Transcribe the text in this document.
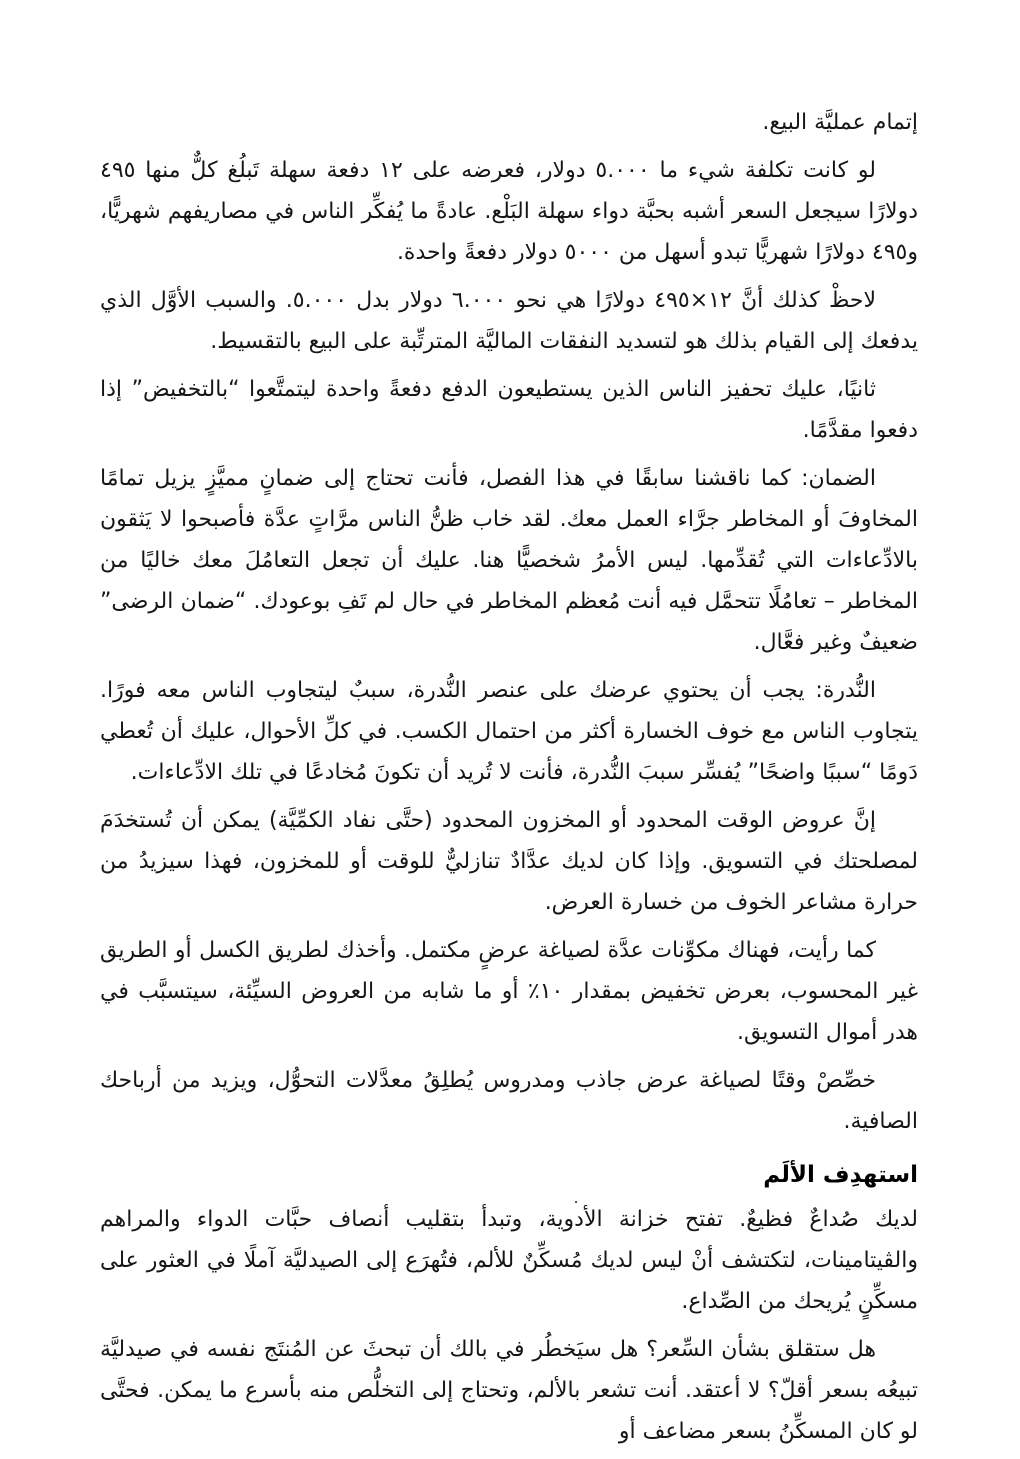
إتمام عمليَّة البيع.

لو كانت تكلفة شيء ما ٥.٠٠٠ دولار، فعرضه على ١٢ دفعة سهلة تَبلُغ كلٌّ منها ٤٩٥ دولارًا سيجعل السعر أشبه بحبَّة دواء سهلة البَلْع. عادةً ما يُفكِّر الناس في مصاريفهم شهريًّا، و٤٩٥ دولارًا شهريًّا تبدو أسهل من ٥٠٠٠ دولار دفعةً واحدة.

لاحظْ كذلك أنَّ ١٢×٤٩٥ دولارًا هي نحو ٦.٠٠٠ دولار بدل ٥.٠٠٠. والسبب الأوَّل الذي يدفعك إلى القيام بذلك هو لتسديد النفقات الماليَّة المترتِّبة على البيع بالتقسيط.

ثانيًا، عليك تحفيز الناس الذين يستطيعون الدفع دفعةً واحدة ليتمتَّعوا “بالتخفيض” إذا دفعوا مقدَّمًا.

الضمان: كما ناقشنا سابقًا في هذا الفصل، فأنت تحتاج إلى ضمانٍ مميَّزٍ يزيل تمامًا المخاوفَ أو المخاطر جرَّاء العمل معك. لقد خاب ظنُّ الناس مرَّاتٍ عدَّة فأصبحوا لا يَثقون بالادِّعاءات التي تُقدِّمها. ليس الأمرُ شخصيًّا هنا. عليك أن تجعل التعامُلَ معك خاليًا من المخاطر – تعامُلًا تتحمَّل فيه أنت مُعظم المخاطر في حال لم تَفِ بوعودك. “ضمان الرضى” ضعيفٌ وغير فعَّال.

النُّدرة: يجب أن يحتوي عرضك على عنصر النُّدرة، سببٌ ليتجاوب الناس معه فورًا. يتجاوب الناس مع خوف الخسارة أكثر من احتمال الكسب. في كلِّ الأحوال، عليك أن تُعطي دَومًا “سببًا واضحًا” يُفسِّر سببَ النُّدرة، فأنت لا تُريد أن تكونَ مُخادعًا في تلك الادِّعاءات.

إنَّ عروض الوقت المحدود أو المخزون المحدود (حتَّى نفاد الكمِّيَّة) يمكن أن تُستخدَمَ لمصلحتك في التسويق. وإذا كان لديك عدَّادٌ تنازليٌّ للوقت أو للمخزون، فهذا سيزيدُ من حرارة مشاعر الخوف من خسارة العرض.

كما رأيت، فهناك مكوِّنات عدَّة لصياغة عرضٍ مكتمل. وأخذك لطريق الكسل أو الطريق غير المحسوب، بعرض تخفيض بمقدار ١٠٪ أو ما شابه من العروض السيِّئة، سيتسبَّب في هدر أموال التسويق.

خصِّصْ وقتًا لصياغة عرض جاذب ومدروس يُطلِقُ معدَّلات التحوُّل، ويزيد من أرباحك الصافية.

استهدِف الألَم

لديك صُداعٌ فظيعٌ. تفتح خزانة الأدوية، وتبدأ بتقليب أنصاف حبَّات الدواء والمراهم والڤيتامينات، لتكتشف أنْ ليس لديك مُسكِّنٌ للألم، فتُهرَع إلى الصيدليَّة آملًا في العثور على مسكِّنٍ يُريحك من الصِّداع.

هل ستقلق بشأن السِّعر؟ هل سيَخطُر في بالك أن تبحثَ عن المُنتَج نفسه في صيدليَّة تبيعُه بسعر أقلّ؟ لا أعتقد. أنت تشعر بالألم، وتحتاج إلى التخلُّص منه بأسرع ما يمكن. فحتَّى لو كان المسكِّنُ بسعر مضاعف أو

.
